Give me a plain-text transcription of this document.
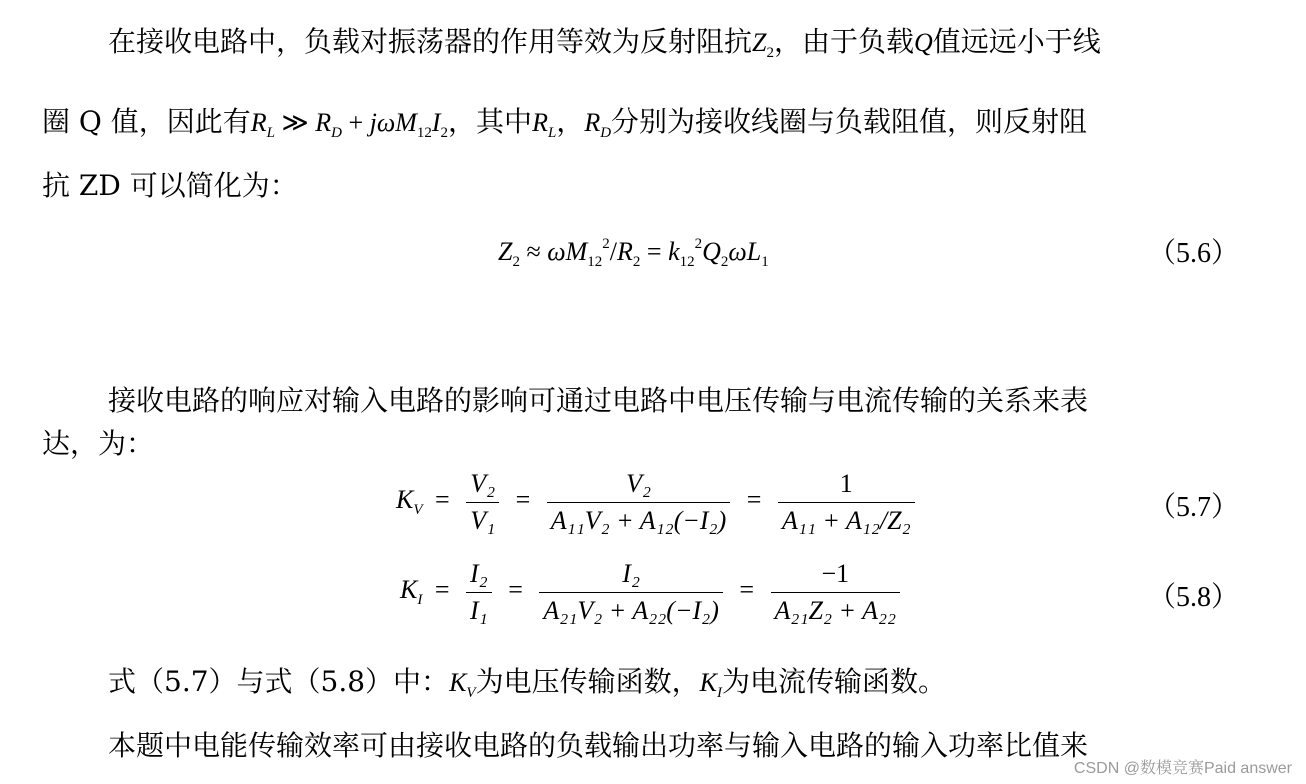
在接收电路中，负载对振荡器的作用等效为反射阻抗$Z_2$，由于负载Q值远远小于线
圈 Q 值，因此有$R_L$ ≫ $R_D + j\omega M_{12}I_2$，其中$R_L$，$R_D$分别为接收线圈与负载阻值，则反射阻
抗 ZD 可以简化为：
$Z_2 \approx \omega M_{12}^2/R_2 = k_{12}^2Q_2\omega L_1$	（5.6）
接收电路的响应对输入电路的影响可通过电路中电压传输与电流传输的关系来表
达，为：
$K_V = \frac{\text{V₂}}{\text{V₁}} = \frac{\text{V₂}}{\text{A₁₁V₂ + A₁₂(−I₂)}} = \frac{1}{\text{A₁₁ + A₁₂/Z₂}}$	（5.7）
$K_I = \frac{\text{I₂}}{\text{I₁}} = \frac{\text{I₂}}{\text{A₂₁V₂ + A₂₂(−I₂)}} = \frac{-1}{\text{A₂₁Z₂ + A₂₂}}$	（5.8）
式（5.7）与式（5.8）中：$K_V$为电压传输函数，$K_I$为电流传输函数。
本题中电能传输效率可由接收电路的负载输出功率与输入电路的输入功率比值来
CSDN @数模竞赛Paid answer
